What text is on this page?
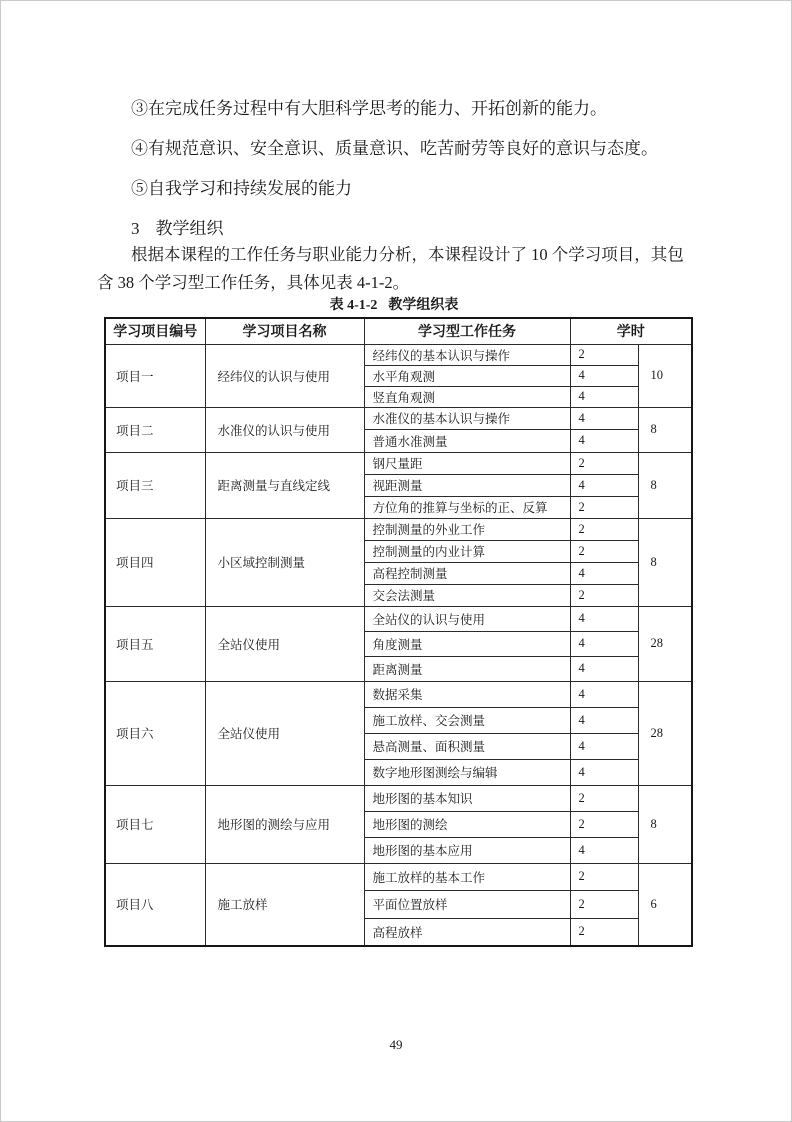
③在完成任务过程中有大胆科学思考的能力、开拓创新的能力。

④有规范意识、安全意识、质量意识、吃苦耐劳等良好的意识与态度。

⑤自我学习和持续发展的能力

3 教学组织

根据本课程的工作任务与职业能力分析，本课程设计了 10 个学习项目，其包
含 38 个学习型工作任务，具体见表 4-1-2。
表 4-1-2 教学组织表
学习项目编号	学习项目名称	学习型工作任务	学时	
项目一	经纬仪的认识与使用	经纬仪的基本认识与操作	2	10
		水平角观测	4	
		竖直角观测	4	
项目二	水准仪的认识与使用	水准仪的基本认识与操作	4	8
		普通水准测量	4	
项目三	距离测量与直线定线	钢尺量距	2	8
		视距测量	4	
		方位角的推算与坐标的正、反算	2	
项目四	小区域控制测量	控制测量的外业工作	2	8
		控制测量的内业计算	2	
		高程控制测量	4	
		交会法测量	2	
项目五	全站仪使用	全站仪的认识与使用	4	28
		角度测量	4	
		距离测量	4	
项目六	全站仪使用	数据采集	4	28
		施工放样、交会测量	4	
		悬高测量、面积测量	4	
		数字地形图测绘与编辑	4	
项目七	地形图的测绘与应用	地形图的基本知识	2	8
		地形图的测绘	2	
		地形图的基本应用	4	
项目八	施工放样	施工放样的基本工作	2	6
		平面位置放样	2	
		高程放样	2	
49
